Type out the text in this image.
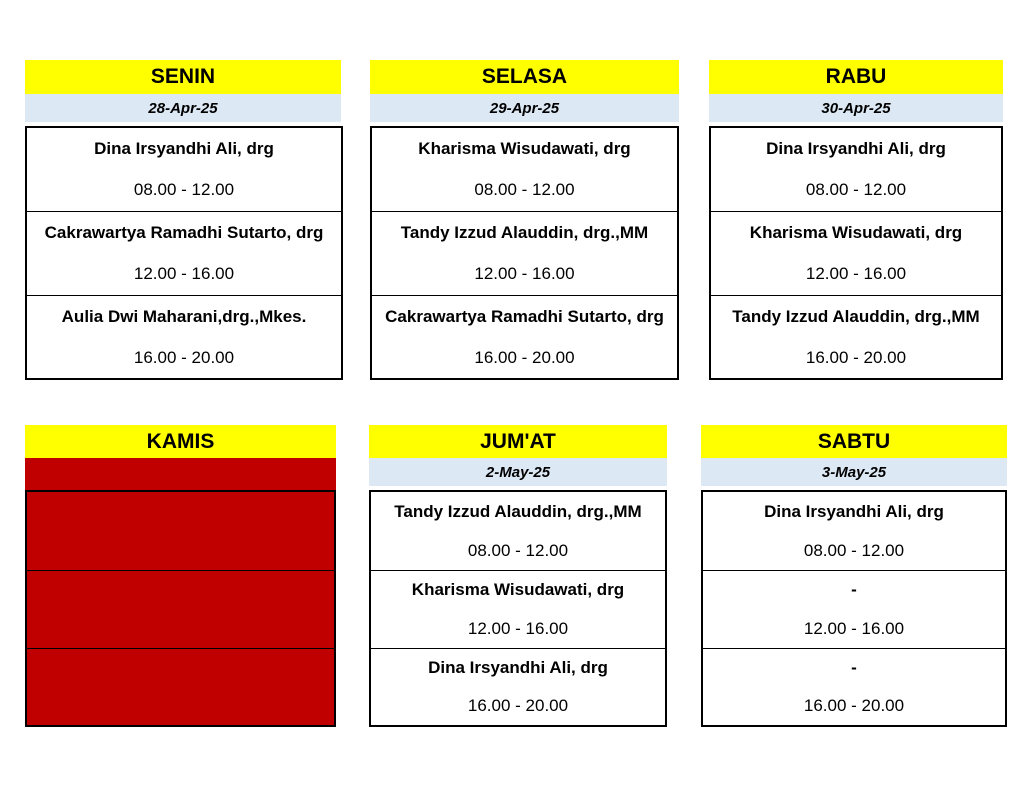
SENIN
28-Apr-25
Dina Irsyandhi Ali, drg
08.00 - 12.00
Cakrawartya Ramadhi Sutarto, drg
12.00 - 16.00
Aulia Dwi Maharani,drg.,Mkes.
16.00 - 20.00
SELASA
29-Apr-25
Kharisma Wisudawati, drg
08.00 - 12.00
Tandy Izzud Alauddin, drg.,MM
12.00 - 16.00
Cakrawartya Ramadhi Sutarto, drg
16.00 - 20.00
RABU
30-Apr-25
Dina Irsyandhi Ali, drg
08.00 - 12.00
Kharisma Wisudawati, drg
12.00 - 16.00
Tandy Izzud Alauddin, drg.,MM
16.00 - 20.00
KAMIS	JUM'AT
2-May-25
Tandy Izzud Alauddin, drg.,MM
08.00 - 12.00
Kharisma Wisudawati, drg
12.00 - 16.00
Dina Irsyandhi Ali, drg
16.00 - 20.00
SABTU
3-May-25
Dina Irsyandhi Ali, drg
08.00 - 12.00
-
12.00 - 16.00
-
16.00 - 20.00
